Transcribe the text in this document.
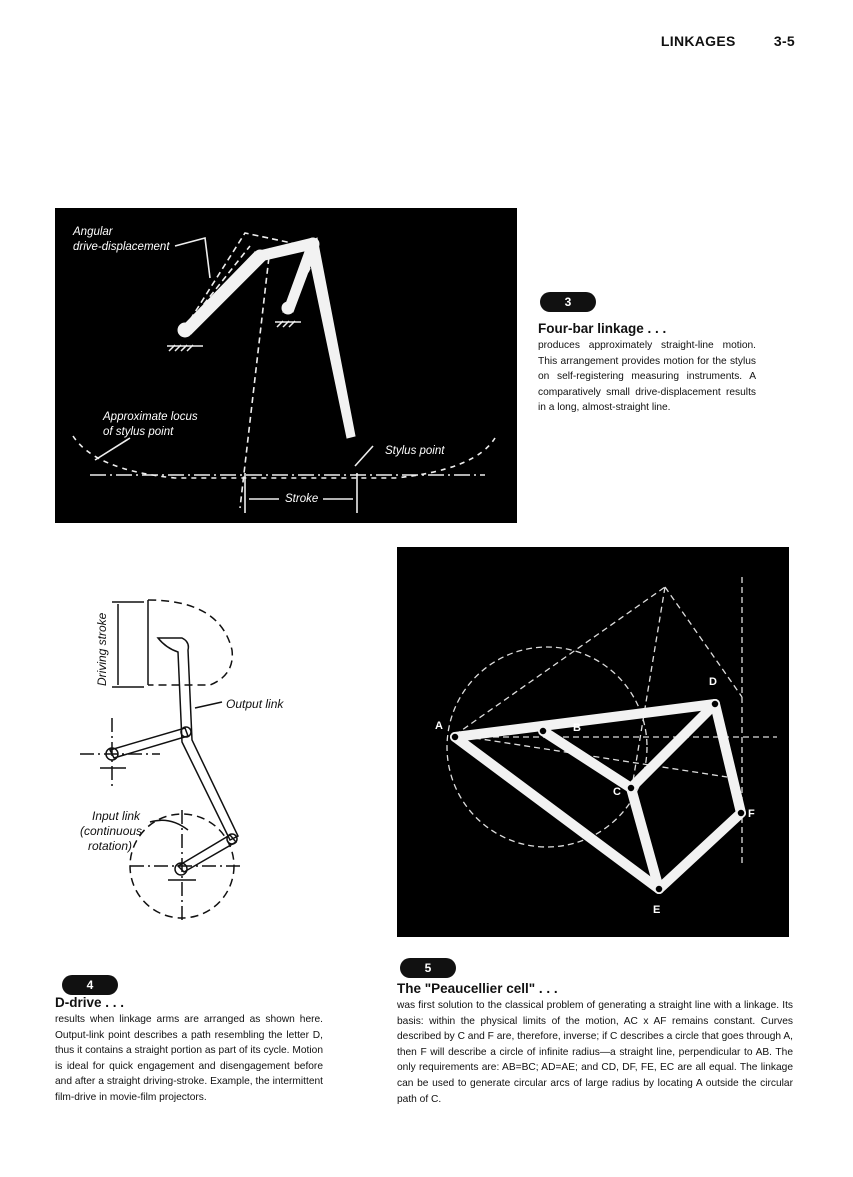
LINKAGES	3-5
Angular
drive-displacement
Approximate locus
of stylus point
Stylus point
Stroke
3
Four-bar linkage . . .
produces approximately straight-line motion. This arrangement provides motion for the stylus on self-registering measuring instruments. A comparatively small drive-displacement results in a long, almost-straight line.
Driving stroke
Output link
Input link
(continuous
rotation)
4
D-drive . . .
results when linkage arms are arranged as shown here. Output-link point describes a path resembling the letter D, thus it contains a straight portion as part of its cycle. Motion is ideal for quick engagement and disengagement before and after a straight driving-stroke. Example, the intermittent film-drive in movie-film projectors.
A	B
C
D
E
F
5
The "Peaucellier cell" . . .
was first solution to the classical problem of generating a straight line with a linkage. Its basis: within the physical limits of the motion, AC x AF remains constant. Curves described by C and F are, therefore, inverse; if C describes a circle that goes through A, then F will describe a circle of infinite radius—a straight line, perpendicular to AB. The only requirements are: AB=BC; AD=AE; and CD, DF, FE, EC are all equal. The linkage can be used to generate circular arcs of large radius by locating A outside the circular path of C.
